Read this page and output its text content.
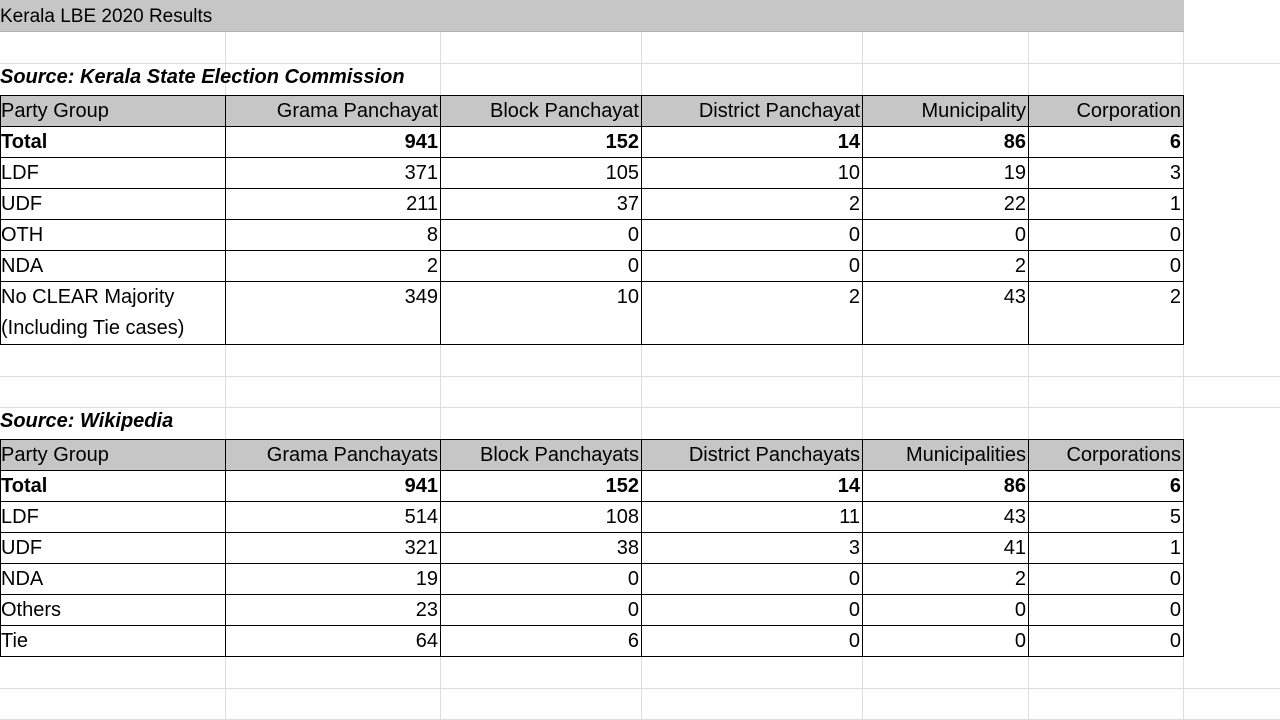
Kerala LBE 2020 Results
Source: Kerala State Election Commission
Party Group	Grama Panchayat	Block Panchayat	District Panchayat	Municipality	Corporation
Total	941	152	14	86	6
LDF	371	105	10	19	3
UDF	211	37	2	22	1
OTH	8	0	0	0	0
NDA	2	0	0	2	0

No CLEAR Majority
(Including Tie cases)	349	10	2	43	2
Source: Wikipedia
Party Group	Grama Panchayats	Block Panchayats	District Panchayats	Municipalities	Corporations
Total	941	152	14	86	6
LDF	514	108	11	43	5
UDF	321	38	3	41	1
NDA	19	0	0	2	0
Others	23	0	0	0	0
Tie	64	6	0	0	0
